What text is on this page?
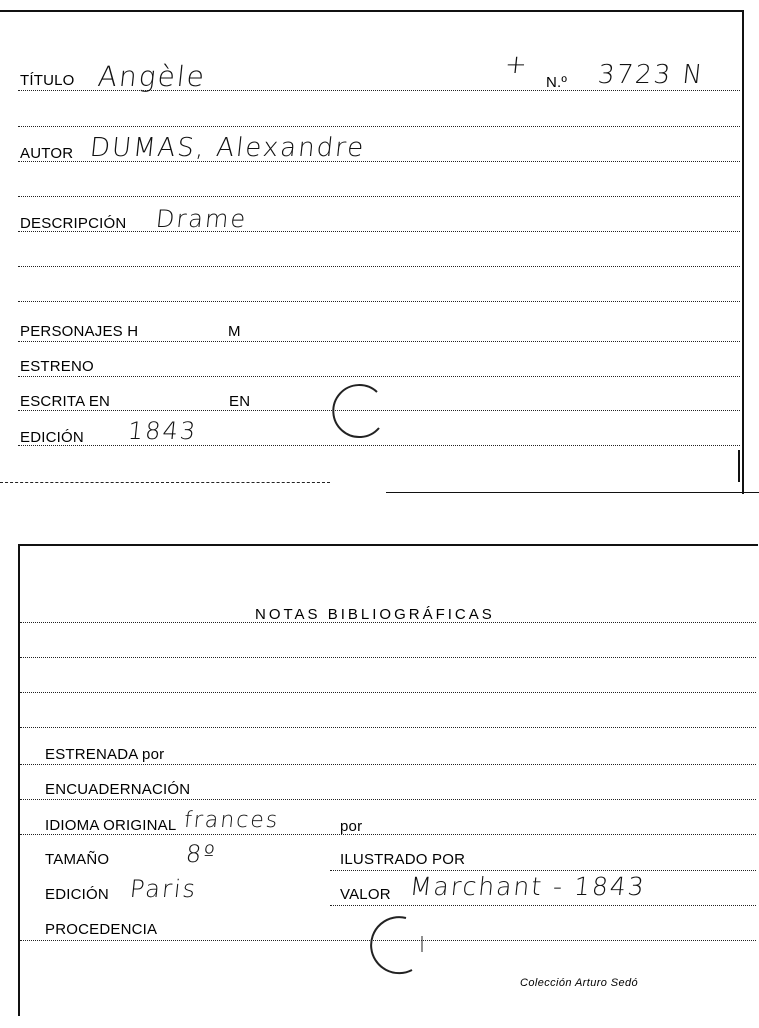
TÍTULO Angèle	+
N.º 3723 N
AUTOR DUMAS, Alexandre
DESCRIPCIÓN Drame
PERSONAJES H	M
ESTRENO
ESCRITA EN	EN
EDICIÓN 1843
NOTAS BIBLIOGRÁFICAS
ESTRENADA por
ENCUADERNACIÓN
IDIOMA ORIGINAL frances	por
TAMAÑO	8º	ILUSTRADO POR
EDICIÓN Paris	VALOR Marchant - 1843
PROCEDENCIA
Colección Arturo Sedó
